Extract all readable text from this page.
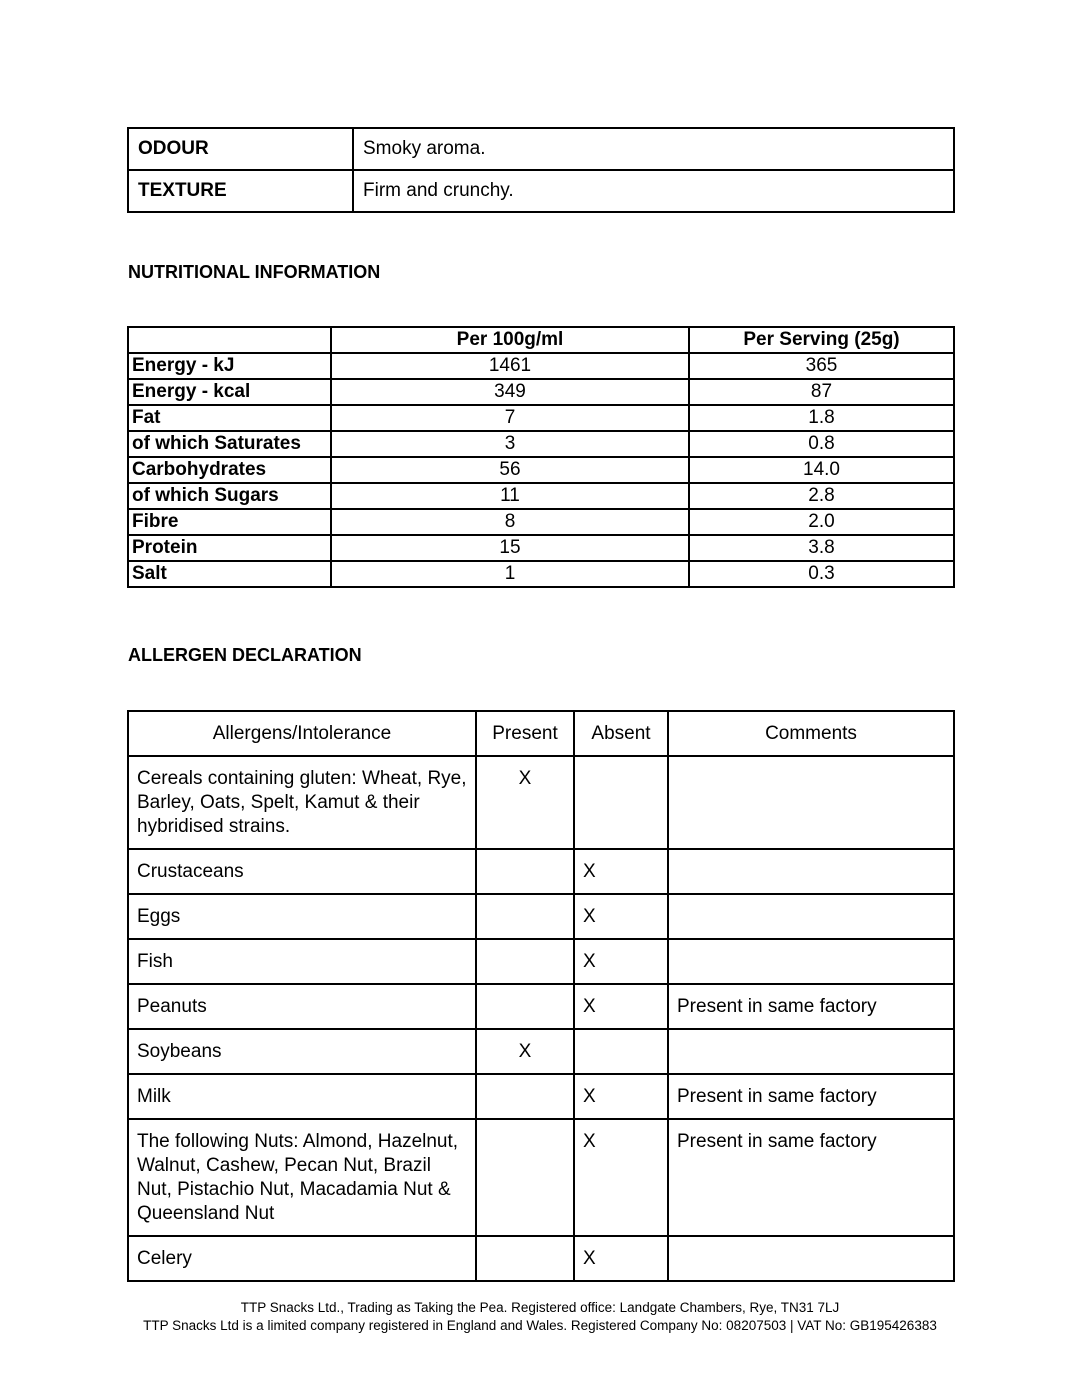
ODOUR	Smoky aroma.
TEXTURE	Firm and crunchy.
NUTRITIONAL INFORMATION
	Per 100g/ml	Per Serving (25g)
Energy - kJ	1461	365
Energy - kcal	349	87
Fat	7	1.8
of which Saturates	3	0.8
Carbohydrates	56	14.0
of which Sugars	11	2.8
Fibre	8	2.0
Protein	15	3.8
Salt	1	0.3
ALLERGEN DECLARATION
Allergens/Intolerance	Present	Absent	Comments
Cereals containing gluten: Wheat, Rye, Barley, Oats, Spelt, Kamut & their hybridised strains.	X		
Crustaceans		X	
Eggs		X	
Fish		X	
Peanuts		X	Present in same factory
Soybeans	X		
Milk		X	Present in same factory
The following Nuts: Almond, Hazelnut, Walnut, Cashew, Pecan Nut, Brazil Nut, Pistachio Nut, Macadamia Nut & Queensland Nut		X	Present in same factory
Celery		X	
TTP Snacks Ltd., Trading as Taking the Pea. Registered office: Landgate Chambers, Rye, TN31 7LJ
TTP Snacks Ltd is a limited company registered in England and Wales. Registered Company No: 08207503 | VAT No: GB195426383
